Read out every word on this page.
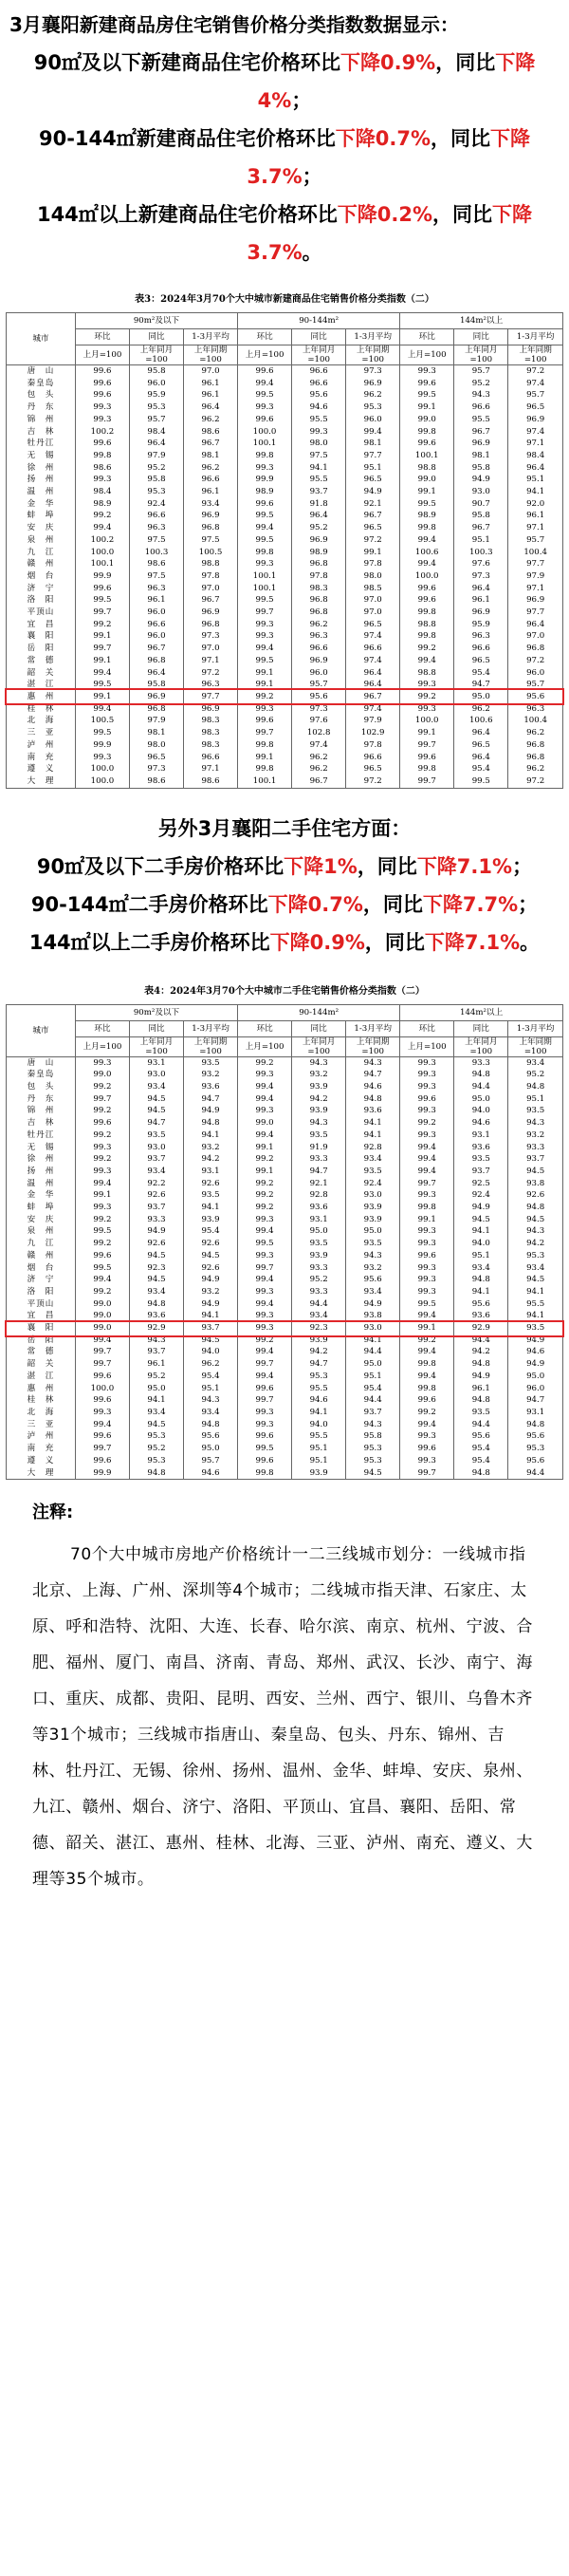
3月襄阳新建商品房住宅销售价格分类指数数据显示：

90㎡及以下新建商品住宅价格环比下降0.9%，同比下降4%；

90-144㎡新建商品住宅价格环比下降0.7%，同比下降3.7%；

144㎡以上新建商品住宅价格环比下降0.2%，同比下降3.7%。

表3：2024年3月70个大中城市新建商品住宅销售价格分类指数（二）
城市	90m²及以下			90-144m²			144m²以上		
	环比	同比	1-3月平均	环比	同比	1-3月平均	环比	同比	1-3月平均
	上月=100	上年同月=100	上年同期=100	上月=100	上年同月=100	上年同期=100	上月=100	上年同月=100	上年同期=100
唐　山	99.6	95.8	97.0	99.6	96.6	97.3	99.3	95.7	97.2
秦皇岛	99.6	96.0	96.1	99.4	96.6	96.9	99.6	95.2	97.4
包　头	99.6	95.9	96.1	99.5	95.6	96.2	99.5	94.3	95.7
丹　东	99.3	95.3	96.4	99.3	94.6	95.3	99.1	96.6	96.5
锦　州	99.3	95.7	96.2	99.6	95.5	96.0	99.0	95.5	96.9
吉　林	100.2	98.4	98.6	100.0	99.3	99.4	99.8	96.7	97.4
牡丹江	99.6	96.4	96.7	100.1	98.0	98.1	99.6	96.9	97.1
无　锡	99.8	97.9	98.1	99.8	97.5	97.7	100.1	98.1	98.4
徐　州	98.6	95.2	96.2	99.3	94.1	95.1	98.8	95.8	96.4
扬　州	99.3	95.8	96.6	99.9	95.5	96.5	99.0	94.9	95.1
温　州	98.4	95.3	96.1	98.9	93.7	94.9	99.1	93.0	94.1
金　华	98.9	92.4	93.4	99.6	91.8	92.1	99.5	90.7	92.0
蚌　埠	99.2	96.6	96.9	99.5	96.4	96.7	98.9	95.8	96.1
安　庆	99.4	96.3	96.8	99.4	95.2	96.5	99.8	96.7	97.1
泉　州	100.2	97.5	97.5	99.5	96.9	97.2	99.4	95.1	95.7
九　江	100.0	100.3	100.5	99.8	98.9	99.1	100.6	100.3	100.4
赣　州	100.1	98.6	98.8	99.3	96.8	97.8	99.4	97.6	97.7
烟　台	99.9	97.5	97.8	100.1	97.8	98.0	100.0	97.3	97.9
济　宁	99.6	96.3	97.0	100.1	98.3	98.5	99.6	96.4	97.1
洛　阳	99.5	96.1	96.7	99.5	96.8	97.0	99.6	96.1	96.9
平顶山	99.7	96.0	96.9	99.7	96.8	97.0	99.8	96.9	97.7
宜　昌	99.2	96.6	96.8	99.3	96.2	96.5	98.8	95.9	96.4
襄　阳	99.1	96.0	97.3	99.3	96.3	97.4	99.8	96.3	97.0
岳　阳	99.7	96.7	97.0	99.4	96.6	96.6	99.2	96.6	96.8
常　德	99.1	96.8	97.1	99.5	96.9	97.4	99.4	96.5	97.2
韶　关	99.4	96.4	97.2	99.1	96.0	96.4	98.8	95.4	96.0
湛　江	99.5	95.8	96.3	99.1	95.7	96.4	99.3	94.7	95.7
惠　州	99.1	96.9	97.7	99.2	95.6	96.7	99.2	95.0	95.6
桂　林	99.4	96.8	96.9	99.3	97.3	97.4	99.3	96.2	96.3
北　海	100.5	97.9	98.3	99.6	97.6	97.9	100.0	100.6	100.4
三　亚	99.5	98.1	98.3	99.7	102.8	102.9	99.1	96.4	96.2
泸　州	99.9	98.0	98.3	99.8	97.4	97.8	99.7	96.5	96.8
南　充	99.3	96.5	96.6	99.1	96.2	96.6	99.6	96.4	96.8
遵　义	100.0	97.3	97.1	99.8	96.2	96.5	99.8	95.4	96.2
大　理	100.0	98.6	98.6	100.1	96.7	97.2	99.7	99.5	97.2

另外3月襄阳二手住宅方面：

90㎡及以下二手房价格环比下降1%，同比下降7.1%；

90-144㎡二手房价格环比下降0.7%，同比下降7.7%；

144㎡以上二手房价格环比下降0.9%，同比下降7.1%。

表4：2024年3月70个大中城市二手住宅销售价格分类指数（二）
城市	90m²及以下			90-144m²			144m²以上		
	环比	同比	1-3月平均	环比	同比	1-3月平均	环比	同比	1-3月平均
	上月=100	上年同月=100	上年同期=100	上月=100	上年同月=100	上年同期=100	上月=100	上年同月=100	上年同期=100
唐　山	99.3	93.1	93.5	99.2	94.3	94.3	99.3	93.3	93.4
秦皇岛	99.0	93.0	93.2	99.3	93.2	94.7	99.3	94.8	95.2
包　头	99.2	93.4	93.6	99.4	93.9	94.6	99.3	94.4	94.8
丹　东	99.7	94.5	94.7	99.4	94.2	94.8	99.6	95.0	95.1
锦　州	99.2	94.5	94.9	99.3	93.9	93.6	99.3	94.0	93.5
吉　林	99.6	94.7	94.8	99.0	94.3	94.1	99.2	94.6	94.3
牡丹江	99.2	93.5	94.1	99.4	93.5	94.1	99.3	93.1	93.2
无　锡	99.3	93.0	93.2	99.1	91.9	92.8	99.4	93.6	93.3
徐　州	99.2	93.7	94.2	99.2	93.3	93.4	99.4	93.5	93.7
扬　州	99.3	93.4	93.1	99.1	94.7	93.5	99.4	93.7	94.5
温　州	99.4	92.2	92.6	99.2	92.1	92.4	99.7	92.5	93.8
金　华	99.1	92.6	93.5	99.2	92.8	93.0	99.3	92.4	92.6
蚌　埠	99.3	93.7	94.1	99.2	93.6	93.9	99.8	94.9	94.8
安　庆	99.2	93.3	93.9	99.3	93.1	93.9	99.1	94.5	94.5
泉　州	99.5	94.9	95.4	99.4	95.0	95.0	99.3	94.1	94.3
九　江	99.2	92.6	92.6	99.5	93.5	93.5	99.3	94.0	94.2
赣　州	99.6	94.5	94.5	99.3	93.9	94.3	99.6	95.1	95.3
烟　台	99.5	92.3	92.6	99.7	93.3	93.2	99.3	93.4	93.4
济　宁	99.4	94.5	94.9	99.4	95.2	95.6	99.3	94.8	94.5
洛　阳	99.2	93.4	93.2	99.3	93.3	93.4	99.3	94.1	94.1
平顶山	99.0	94.8	94.9	99.4	94.4	94.9	99.5	95.6	95.5
宜　昌	99.0	93.6	94.1	99.3	93.4	93.8	99.4	93.6	94.1
襄　阳	99.0	92.9	93.7	99.3	92.3	93.0	99.1	92.9	93.5
岳　阳	99.4	94.3	94.5	99.2	93.9	94.1	99.2	94.4	94.9
常　德	99.7	93.7	94.0	99.4	94.2	94.4	99.4	94.2	94.6
韶　关	99.7	96.1	96.2	99.7	94.7	95.0	99.8	94.8	94.9
湛　江	99.6	95.2	95.4	99.4	95.3	95.1	99.4	94.9	95.0
惠　州	100.0	95.0	95.1	99.6	95.5	95.4	99.8	96.1	96.0
桂　林	99.6	94.1	94.3	99.7	94.6	94.4	99.6	94.8	94.7
北　海	99.3	93.4	93.4	99.3	94.1	93.7	99.2	93.5	93.1
三　亚	99.4	94.5	94.8	99.3	94.0	94.3	99.4	94.4	94.8
泸　州	99.6	95.3	95.6	99.6	95.5	95.8	99.3	95.6	95.6
南　充	99.7	95.2	95.0	99.5	95.1	95.3	99.6	95.4	95.3
遵　义	99.6	95.3	95.7	99.6	95.1	95.3	99.3	95.4	95.6
大　理	99.9	94.8	94.6	99.8	93.9	94.5	99.7	94.8	94.4
注释:

70个大中城市房地产价格统计一二三线城市划分：一线城市指北京、上海、广州、深圳等4个城市；二线城市指天津、石家庄、太原、呼和浩特、沈阳、大连、长春、哈尔滨、南京、杭州、宁波、合肥、福州、厦门、南昌、济南、青岛、郑州、武汉、长沙、南宁、海口、重庆、成都、贵阳、昆明、西安、兰州、西宁、银川、乌鲁木齐等31个城市；三线城市指唐山、秦皇岛、包头、丹东、锦州、吉林、牡丹江、无锡、徐州、扬州、温州、金华、蚌埠、安庆、泉州、九江、赣州、烟台、济宁、洛阳、平顶山、宜昌、襄阳、岳阳、常德、韶关、湛江、惠州、桂林、北海、三亚、泸州、南充、遵义、大理等35个城市。
